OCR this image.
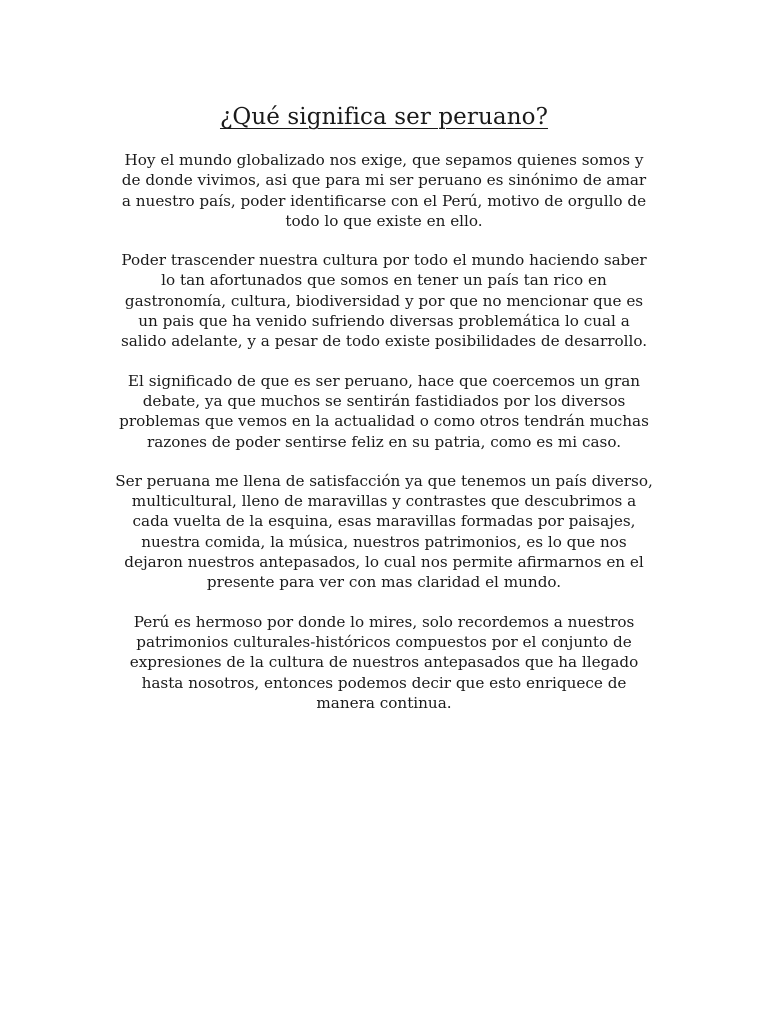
¿Qué significa ser peruano?

Hoy el mundo globalizado nos exige, que sepamos quienes somos y
de donde vivimos, asi que para mi ser peruano es sinónimo de amar
a nuestro país, poder identificarse con el Perú, motivo de orgullo de
todo lo que existe en ello.

Poder trascender nuestra cultura por todo el mundo haciendo saber
lo tan afortunados que somos en tener un país tan rico en
gastronomía, cultura, biodiversidad y por que no mencionar que es
un pais que ha venido sufriendo diversas problemática lo cual a
salido adelante, y a pesar de todo existe posibilidades de desarrollo.

El significado de que es ser peruano, hace que coercemos un gran
debate, ya que muchos se sentirán fastidiados por los diversos
problemas que vemos en la actualidad o como otros tendrán muchas
razones de poder sentirse feliz en su patria, como es mi caso.

Ser peruana me llena de satisfacción ya que tenemos un país diverso,
multicultural, lleno de maravillas y contrastes que descubrimos a
cada vuelta de la esquina, esas maravillas formadas por paisajes,
nuestra comida, la música, nuestros patrimonios, es lo que nos
dejaron nuestros antepasados, lo cual nos permite afirmarnos en el
presente para ver con mas claridad el mundo.

Perú es hermoso por donde lo mires, solo recordemos a nuestros
patrimonios culturales-históricos compuestos por el conjunto de
expresiones de la cultura de nuestros antepasados que ha llegado
hasta nosotros, entonces podemos decir que esto enriquece de
manera continua.
